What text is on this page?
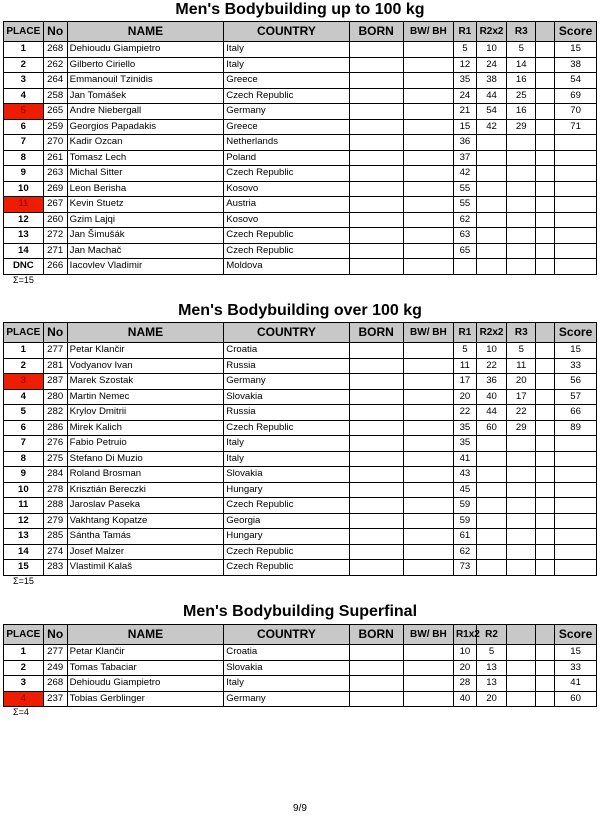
Men's Bodybuilding up to 100 kg
PLACE	No	NAME	COUNTRY	BORN	BW/ BH	R1	R2x2	R3		Score
1	268	Dehioudu Giampietro	Italy			5	10	5		15
2	262	Gilberto Ciriello	Italy			12	24	14		38
3	264	Emmanouil Tzinidis	Greece			35	38	16		54
4	258	Jan Tomášek	Czech Republic			24	44	25		69
5	265	Andre Niebergall	Germany			21	54	16		70
6	259	Georgios Papadakis	Greece			15	42	29		71
7	270	Kadir Ozcan	Netherlands			36				
8	261	Tomasz Lech	Poland			37				
9	263	Michal Sitter	Czech Republic			42				
10	269	Leon Berisha	Kosovo			55				
11	267	Kevin Stuetz	Austria			55				
12	260	Gzim Lajqi	Kosovo			62				
13	272	Jan Šimušák	Czech Republic			63				
14	271	Jan Machač	Czech Republic			65				
DNC	266	Iacovlev Vladimir	Moldova							
Σ=15
Men's Bodybuilding over 100 kg
PLACE	No	NAME	COUNTRY	BORN	BW/ BH	R1	R2x2	R3		Score
1	277	Petar Klančir	Croatia			5	10	5		15
2	281	Vodyanov Ivan	Russia			11	22	11		33
3	287	Marek Szostak	Germany			17	36	20		56
4	280	Martin Nemec	Slovakia			20	40	17		57
5	282	Krylov Dmitrii	Russia			22	44	22		66
6	286	Mirek Kalich	Czech Republic			35	60	29		89
7	276	Fabio Petruio	Italy			35				
8	275	Stefano Di Muzio	Italy			41				
9	284	Roland Brosman	Slovakia			43				
10	278	Krisztián Bereczki	Hungary			45				
11	288	Jaroslav Paseka	Czech Republic			59				
12	279	Vakhtang Kopatze	Georgia			59				
13	285	Sántha Tamás	Hungary			61				
14	274	Josef Malzer	Czech Republic			62				
15	283	Vlastimil Kalaš	Czech Republic			73				
Σ=15
Men's Bodybuilding Superfinal
PLACE	No	NAME	COUNTRY	BORN	BW/ BH	R1x2	R2			Score
1	277	Petar Klančir	Croatia			10	5			15
2	249	Tomas Tabaciar	Slovakia			20	13			33
3	268	Dehioudu Giampietro	Italy			28	13			41
4	237	Tobias Gerblinger	Germany			40	20			60
Σ=4
9/9
